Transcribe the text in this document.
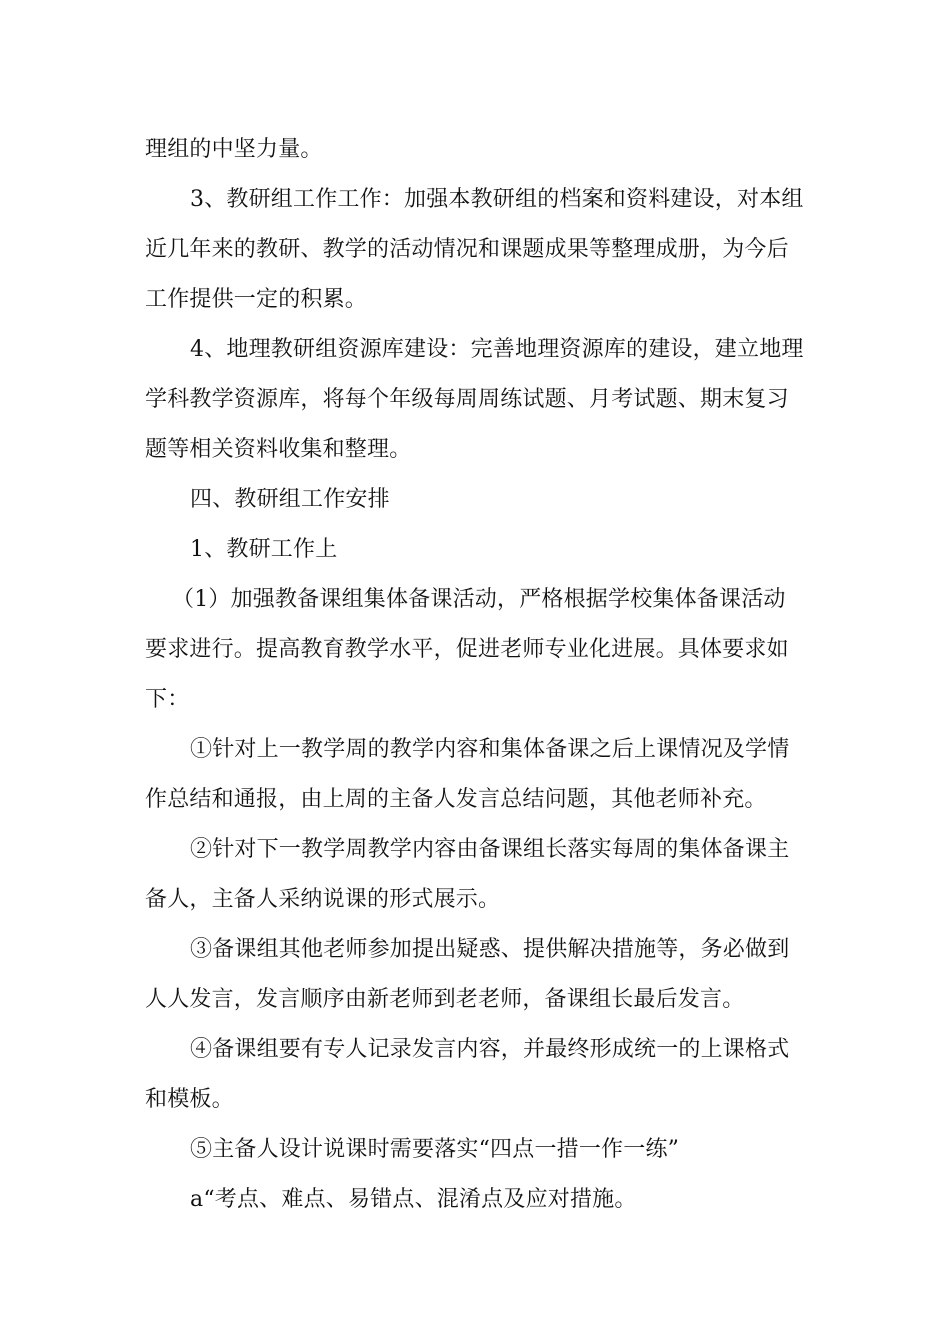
理组的中坚力量。
3、教研组工作工作：加强本教研组的档案和资料建设，对本组
近几年来的教研、教学的活动情况和课题成果等整理成册，为今后
工作提供一定的积累。
4、地理教研组资源库建设：完善地理资源库的建设，建立地理
学科教学资源库，将每个年级每周周练试题、月考试题、期末复习
题等相关资料收集和整理。
四、教研组工作安排
1、教研工作上
（1）加强教备课组集体备课活动，严格根据学校集体备课活动
要求进行。提高教育教学水平，促进老师专业化进展。具体要求如
下：
①针对上一教学周的教学内容和集体备课之后上课情况及学情
作总结和通报，由上周的主备人发言总结问题，其他老师补充。
②针对下一教学周教学内容由备课组长落实每周的集体备课主
备人，主备人采纳说课的形式展示。
③备课组其他老师参加提出疑惑、提供解决措施等，务必做到
人人发言，发言顺序由新老师到老老师，备课组长最后发言。
④备课组要有专人记录发言内容，并最终形成统一的上课格式
和模板。
⑤主备人设计说课时需要落实“四点一措一作一练”
a“考点、难点、易错点、混淆点及应对措施。
